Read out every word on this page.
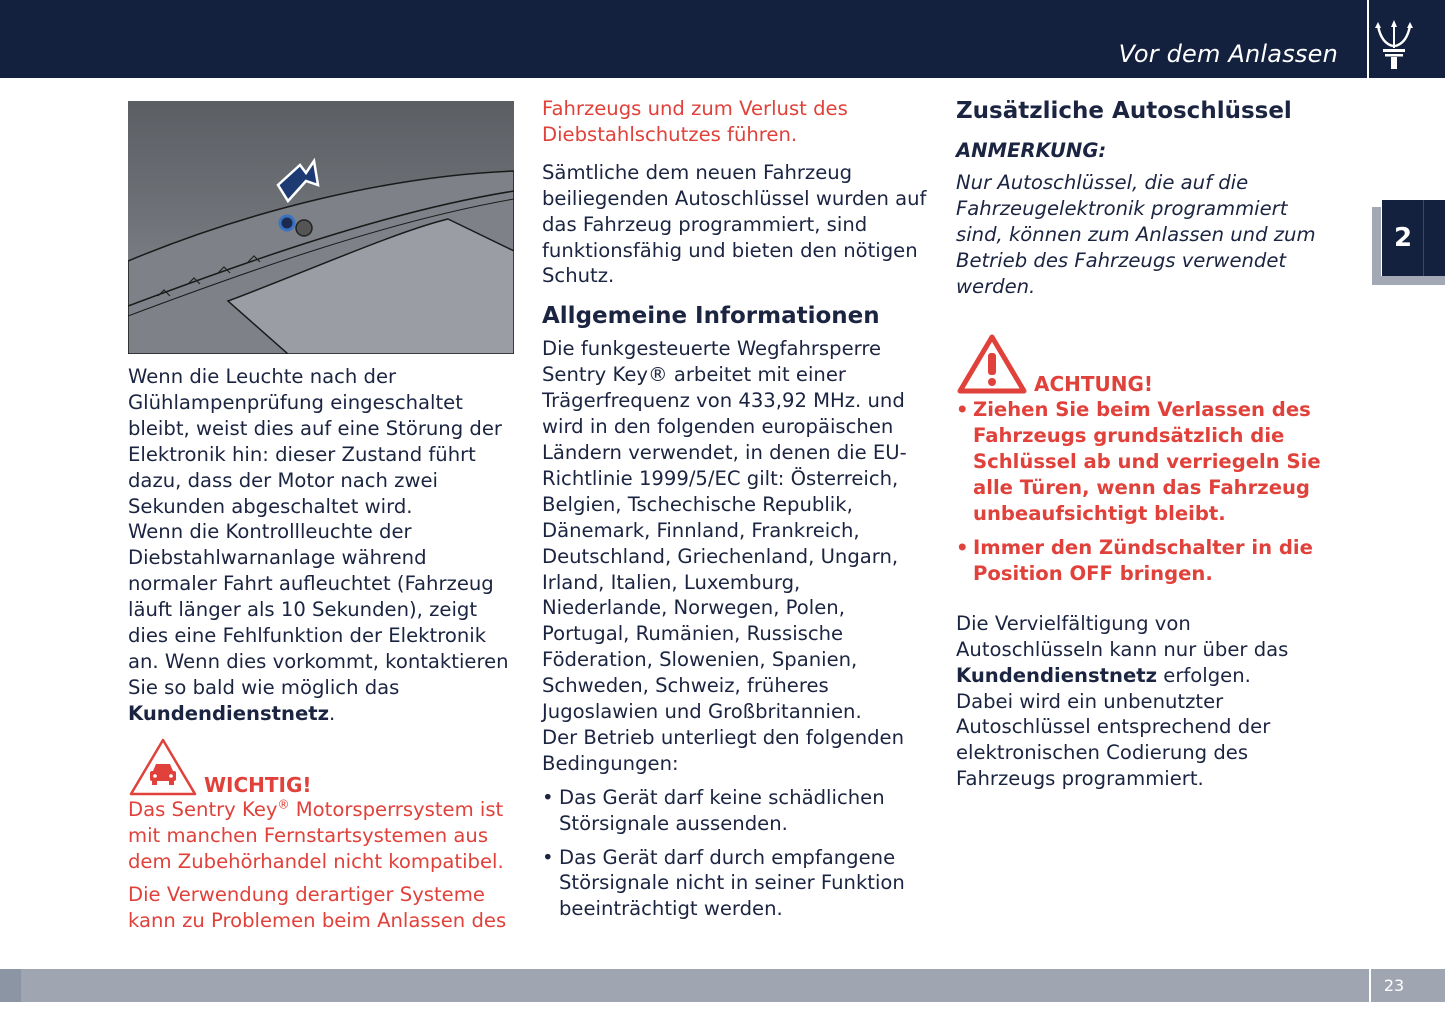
Vor dem Anlassen
2

Wenn die Leuchte nach der Glühlampenprüfung eingeschaltet bleibt, weist dies auf eine Störung der Elektronik hin: dieser Zustand führt dazu, dass der Motor nach zwei Sekunden abgeschaltet wird.

Wenn die Kontrollleuchte der Diebstahlwarnanlage während normaler Fahrt aufleuchtet (Fahrzeug läuft länger als 10 Sekunden), zeigt dies eine Fehlfunktion der Elektronik an. Wenn dies vorkommt, kontaktieren Sie so bald wie möglich das Kundendienstnetz.

WICHTIG!

Das Sentry Key® Motorsperrsystem ist mit manchen Fernstartsystemen aus dem Zubehörhandel nicht kompatibel.

Die Verwendung derartiger Systeme kann zu Problemen beim Anlassen des

Fahrzeugs und zum Verlust des Diebstahlschutzes führen.

Sämtliche dem neuen Fahrzeug beiliegenden Autoschlüssel wurden auf das Fahrzeug programmiert, sind funktionsfähig und bieten den nötigen Schutz.

Allgemeine Informationen

Die funkgesteuerte Wegfahrsperre Sentry Key® arbeitet mit einer Trägerfrequenz von 433,92 MHz. und wird in den folgenden europäischen Ländern verwendet, in denen die EU-Richtlinie 1999/5/EC gilt: Österreich, Belgien, Tschechische Republik, Dänemark, Finnland, Frankreich, Deutschland, Griechenland, Ungarn, Irland, Italien, Luxemburg, Niederlande, Norwegen, Polen, Portugal, Rumänien, Russische Föderation, Slowenien, Spanien, Schweden, Schweiz, früheres Jugoslawien und Großbritannien.

Der Betrieb unterliegt den folgenden Bedingungen:

• Das Gerät darf keine schädlichen Störsignale aussenden.
• Das Gerät darf durch empfangene Störsignale nicht in seiner Funktion beeinträchtigt werden.
Zusätzliche Autoschlüssel

ANMERKUNG:

Nur Autoschlüssel, die auf die Fahrzeugelektronik programmiert sind, können zum Anlassen und zum Betrieb des Fahrzeugs verwendet werden.

ACHTUNG!
• Ziehen Sie beim Verlassen des Fahrzeugs grundsätzlich die Schlüssel ab und verriegeln Sie alle Türen, wenn das Fahrzeug unbeaufsichtigt bleibt.
• Immer den Zündschalter in die Position OFF bringen.

Die Vervielfältigung von Autoschlüsseln kann nur über das Kundendienstnetz erfolgen.

Dabei wird ein unbenutzter Autoschlüssel entsprechend der elektronischen Codierung des Fahrzeugs programmiert.

23
